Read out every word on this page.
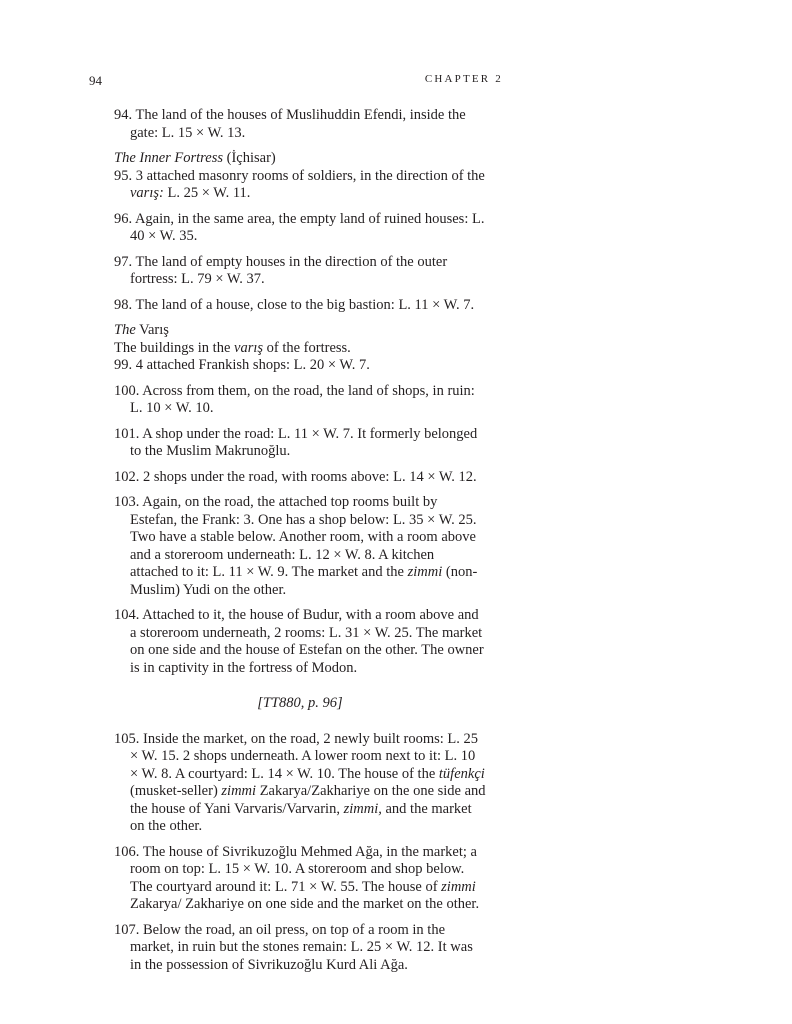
94	CHAPTER 2

94. The land of the houses of Muslihuddin Efendi, inside the gate: L. 15 × W. 13.

The Inner Fortress (İçhisar)

95. 3 attached masonry rooms of soldiers, in the direction of the varış: L. 25 × W. 11.

96. Again, in the same area, the empty land of ruined houses: L. 40 × W. 35.

97. The land of empty houses in the direction of the outer fortress: L. 79 × W. 37.

98. The land of a house, close to the big bastion: L. 11 × W. 7.

The Varış

The buildings in the varış of the fortress.

99. 4 attached Frankish shops: L. 20 × W. 7.

100. Across from them, on the road, the land of shops, in ruin: L. 10 × W. 10.

101. A shop under the road: L. 11 × W. 7. It formerly belonged to the Muslim Makrunoğlu.

102. 2 shops under the road, with rooms above: L. 14 × W. 12.

103. Again, on the road, the attached top rooms built by Estefan, the Frank: 3. One has a shop below: L. 35 × W. 25. Two have a stable below. Another room, with a room above and a storeroom underneath: L. 12 × W. 8. A kitchen attached to it: L. 11 × W. 9. The market and the zimmi (non-Muslim) Yudi on the other.

104. Attached to it, the house of Budur, with a room above and a storeroom underneath, 2 rooms: L. 31 × W. 25. The market on one side and the house of Estefan on the other. The owner is in captivity in the fortress of Modon.

[TT880, p. 96]

105. Inside the market, on the road, 2 newly built rooms: L. 25 × W. 15. 2 shops underneath. A lower room next to it: L. 10 × W. 8. A courtyard: L. 14 × W. 10. The house of the tüfenkçi (musket-seller) zimmi Zakarya/Zakhariye on the one side and the house of Yani Varvaris/Varvarin, zimmi, and the market on the other.

106. The house of Sivrikuzoğlu Mehmed Ağa, in the market; a room on top: L. 15 × W. 10. A storeroom and shop below. The courtyard around it: L. 71 × W. 55. The house of zimmi Zakarya/ Zakhariye on one side and the market on the other.

107. Below the road, an oil press, on top of a room in the market, in ruin but the stones remain: L. 25 × W. 12. It was in the possession of Sivrikuzoğlu Kurd Ali Ağa.
